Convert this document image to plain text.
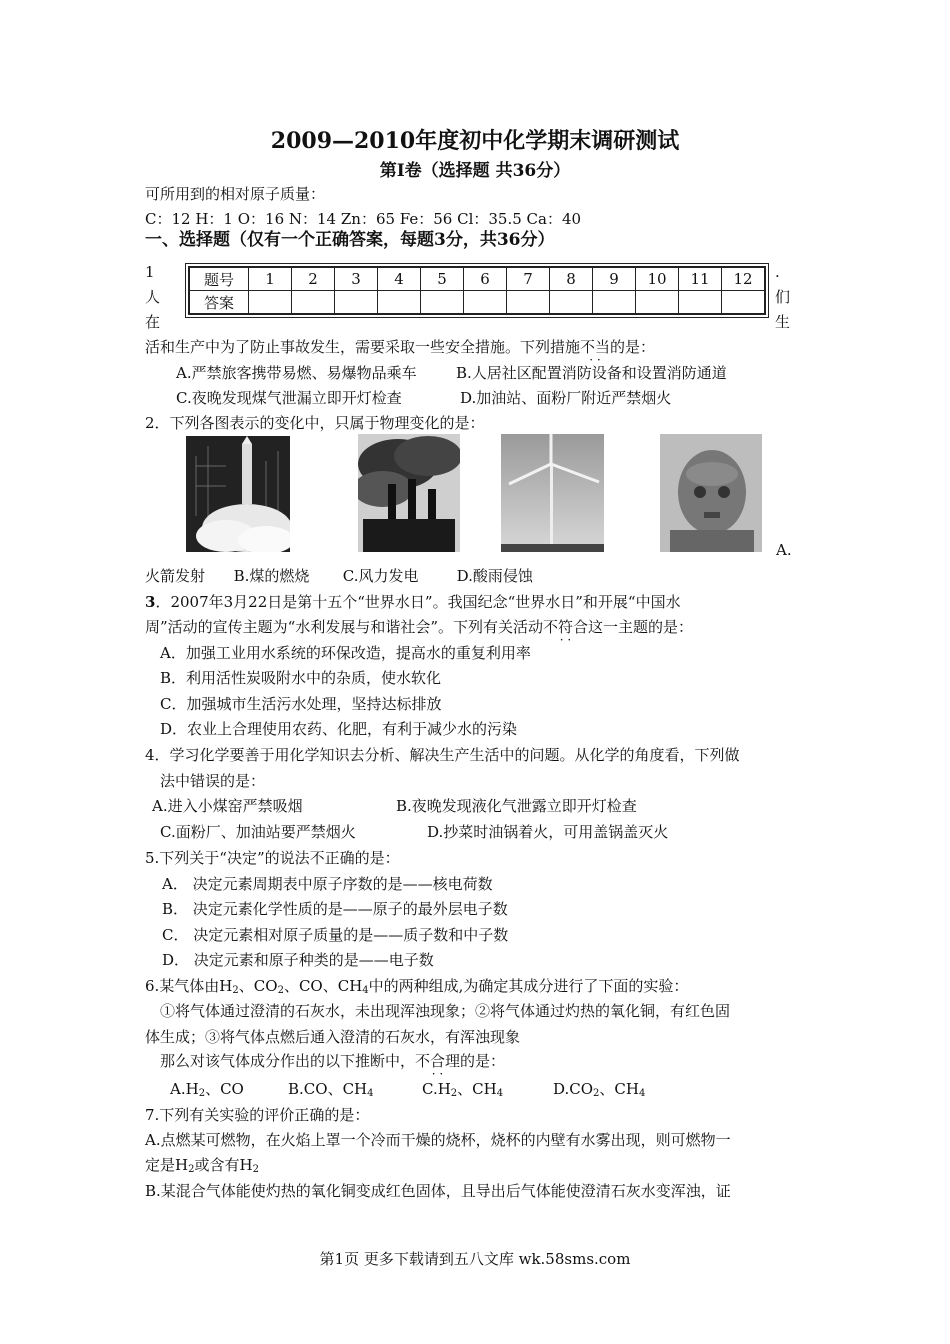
2009—2010年度初中化学期末调研测试
第I卷（选择题 共36分）
可所用到的相对原子质量：
C：12 H：1 O：16 N：14 Zn：65 Fe：56 Cl：35.5 Ca：40
一、选择题（仅有一个正确答案，每题3分，共36分）
1
人
在
.
们
生
题号	1	2	3	4	5	6	7	8	9	10	11	12
答案												
活和生产中为了防止事故发生，需要采取一些安全措施。下列措施不当 · ·的是：
A.严禁旅客携带易燃、易爆物品乘车	B.人居社区配置消防设备和设置消防通道
C.夜晚发现煤气泄漏立即开灯检查	D.加油站、面粉厂附近严禁烟火
2．下列各图表示的变化中，只属于物理变化的是：
A.
火箭发射      B.煤的燃烧       C.风力发电        D.酸雨侵蚀
3．2007年3月22日是第十五个“世界水日”。我国纪念“世界水日”和开展“中国水
周”活动的宣传主题为“水利发展与和谐社会”。下列有关活动不符合 · ·这一主题的是：
A．加强工业用水系统的环保改造，提高水的重复利用率
B．利用活性炭吸附水中的杂质，使水软化
C．加强城市生活污水处理，坚持达标排放
D．农业上合理使用农药、化肥，有利于减少水的污染
4．学习化学要善于用化学知识去分析、解决生产生活中的问题。从化学的角度看，下列做
法中错误的是：
A.进入小煤窑严禁吸烟	B.夜晚发现液化气泄露立即开灯检查
C.面粉厂、加油站要严禁烟火	D.抄菜时油锅着火，可用盖锅盖灭火
5.下列关于“决定”的说法不正确的是：
A． 决定元素周期表中原子序数的是——核电荷数
B． 决定元素化学性质的是——原子的最外层电子数
C． 决定元素相对原子质量的是——质子数和中子数
D． 决定元素和原子种类的是——电子数
6.某气体由$H_2$、$CO_2$、CO、$CH_4$中的两种组成,为确定其成分进行了下面的实验：
①将气体通过澄清的石灰水，未出现浑浊现象；②将气体通过灼热的氧化铜，有红色固
体生成；③将气体点燃后通入澄清的石灰水，有浑浊现象
那么对该气体成分作出的以下推断中，不合理 · ·的是：
$A.H_2$、CO	B.CO、$CH_4$	$C.H_2$、$CH_4$	$D.CO_2$、$CH_4$
7.下列有关实验的评价正确的是：
A.点燃某可燃物，在火焰上罩一个冷而干燥的烧杯，烧杯的内壁有水雾出现，则可燃物一
定是$H_2$或含有$H_2$
B.某混合气体能使灼热的氧化铜变成红色固体，且导出后气体能使澄清石灰水变浑浊，证
第1页 更多下载请到五八文库 wk.58sms.com
